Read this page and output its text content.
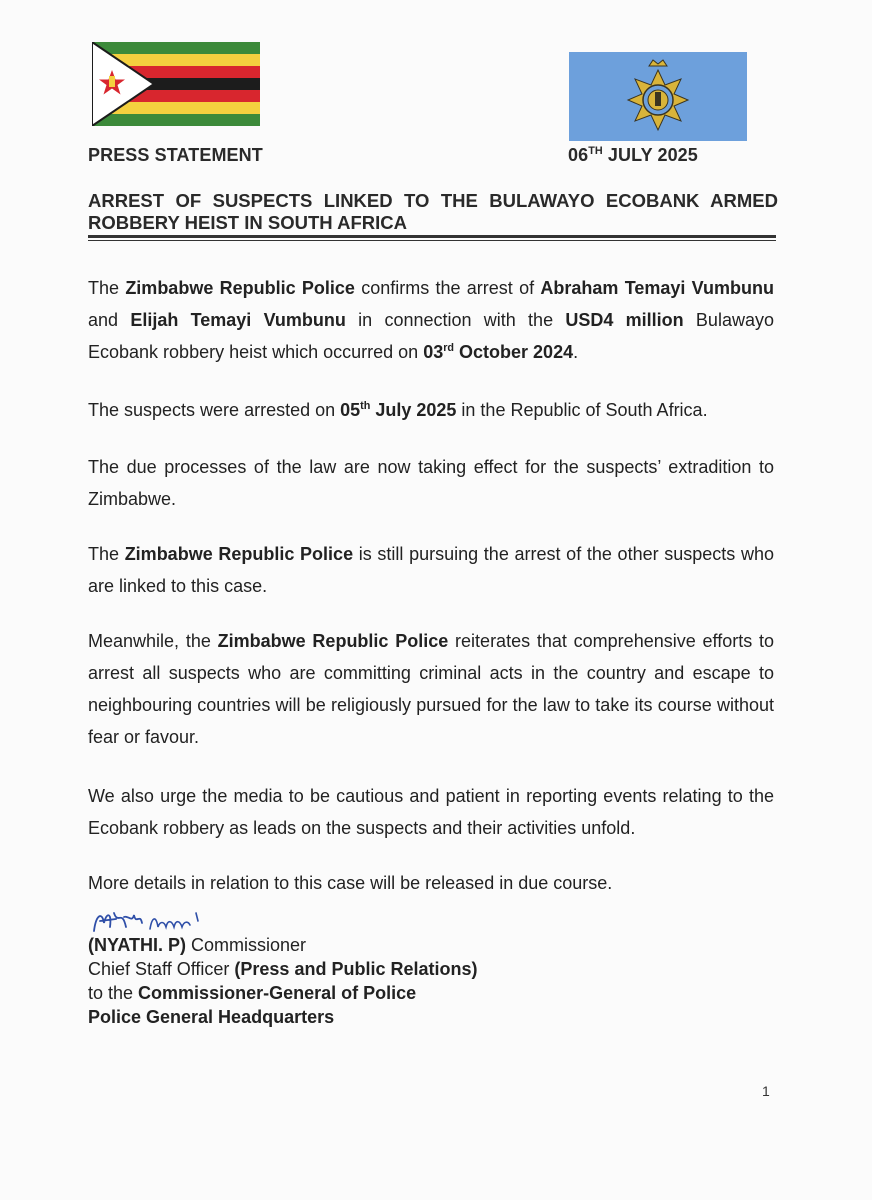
PRESS STATEMENT	06TH JULY 2025
ARREST OF SUSPECTS LINKED TO THE BULAWAYO ECOBANK ARMED
ROBBERY HEIST IN SOUTH AFRICA

The Zimbabwe Republic Police confirms the arrest of Abraham Temayi Vumbunu and Elijah Temayi Vumbunu in connection with the USD4 million Bulawayo Ecobank robbery heist which occurred on 03rd October 2024.

The suspects were arrested on 05th July 2025 in the Republic of South Africa.

The due processes of the law are now taking effect for the suspects’ extradition to Zimbabwe.

The Zimbabwe Republic Police is still pursuing the arrest of the other suspects who are linked to this case.

Meanwhile, the Zimbabwe Republic Police reiterates that comprehensive efforts to arrest all suspects who are committing criminal acts in the country and escape to neighbouring countries will be religiously pursued for the law to take its course without fear or favour.

We also urge the media to be cautious and patient in reporting events relating to the Ecobank robbery as leads on the suspects and their activities unfold.

More details in relation to this case will be released in due course.

(NYATHI. P) Commissioner
Chief Staff Officer (Press and Public Relations)
to the Commissioner-General of Police
Police General Headquarters
1
